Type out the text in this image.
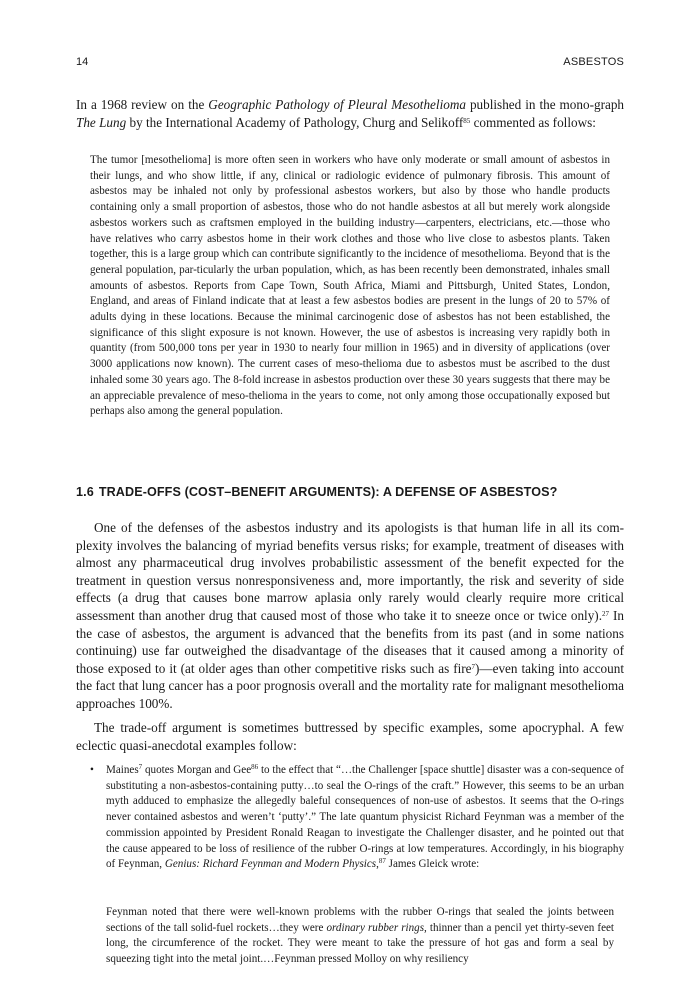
14	ASBESTOS

In a 1968 review on the Geographic Pathology of Pleural Mesothelioma published in the mono-graph The Lung by the International Academy of Pathology, Churg and Selikoff$^{85}$ commented as follows:

The tumor [mesothelioma] is more often seen in workers who have only moderate or small amount of asbestos in their lungs, and who show little, if any, clinical or radiologic evidence of pulmonary fibrosis. This amount of asbestos may be inhaled not only by professional asbestos workers, but also by those who handle products containing only a small proportion of asbestos, those who do not handle asbestos at all but merely work alongside asbestos workers such as craftsmen employed in the building industry—carpenters, electricians, etc.—those who have relatives who carry asbestos home in their work clothes and those who live close to asbestos plants. Taken together, this is a large group which can contribute significantly to the incidence of mesothelioma. Beyond that is the general population, par-ticularly the urban population, which, as has been recently been demonstrated, inhales small amounts of asbestos. Reports from Cape Town, South Africa, Miami and Pittsburgh, United States, London, England, and areas of Finland indicate that at least a few asbestos bodies are present in the lungs of 20 to 57% of adults dying in these locations. Because the minimal carcinogenic dose of asbestos has not been established, the significance of this slight exposure is not known. However, the use of asbestos is increasing very rapidly both in quantity (from 500,000 tons per year in 1930 to nearly four million in 1965) and in diversity of applications (over 3000 applications now known). The current cases of meso-thelioma due to asbestos must be ascribed to the dust inhaled some 30 years ago. The 8-fold increase in asbestos production over these 30 years suggests that there may be an appreciable prevalence of meso-thelioma in the years to come, not only among those occupationally exposed but perhaps also among the general population.

1.6 TRADE-OFFS (COST–BENEFIT ARGUMENTS): A DEFENSE OF ASBESTOS?

One of the defenses of the asbestos industry and its apologists is that human life in all its com-plexity involves the balancing of myriad benefits versus risks; for example, treatment of diseases with almost any pharmaceutical drug involves probabilistic assessment of the benefit expected for the treatment in question versus nonresponsiveness and, more importantly, the risk and severity of side effects (a drug that causes bone marrow aplasia only rarely would clearly require more critical assessment than another drug that caused most of those who take it to sneeze once or twice only).$^{27}$ In the case of asbestos, the argument is advanced that the benefits from its past (and in some nations continuing) use far outweighed the disadvantage of the diseases that it caused among a minority of those exposed to it (at older ages than other competitive risks such as fire$^7$)—even taking into account the fact that lung cancer has a poor prognosis overall and the mortality rate for malignant mesothelioma approaches 100%.

The trade-off argument is sometimes buttressed by specific examples, some apocryphal. A few eclectic quasi-anecdotal examples follow:

• Maines$^7$ quotes Morgan and Gee$^{86}$ to the effect that “…the Challenger [space shuttle] disaster was a con-sequence of substituting a non-asbestos-containing putty…to seal the O-rings of the craft.” However, this seems to be an urban myth adduced to emphasize the allegedly baleful consequences of non-use of asbestos. It seems that the O-rings never contained asbestos and weren’t ‘putty’.” The late quantum physicist Richard Feynman was a member of the commission appointed by President Ronald Reagan to investigate the Challenger disaster, and he pointed out that the cause appeared to be loss of resilience of the rubber O-rings at low temperatures. Accordingly, in his biography of Feynman, Genius: Richard Feynman and Modern Physics,$^{87}$ James Gleick wrote:

Feynman noted that there were well-known problems with the rubber O-rings that sealed the joints between sections of the tall solid-fuel rockets…they were ordinary rubber rings, thinner than a pencil yet thirty-seven feet long, the circumference of the rocket. They were meant to take the pressure of hot gas and form a seal by squeezing tight into the metal joint.…Feynman pressed Molloy on why resiliency
